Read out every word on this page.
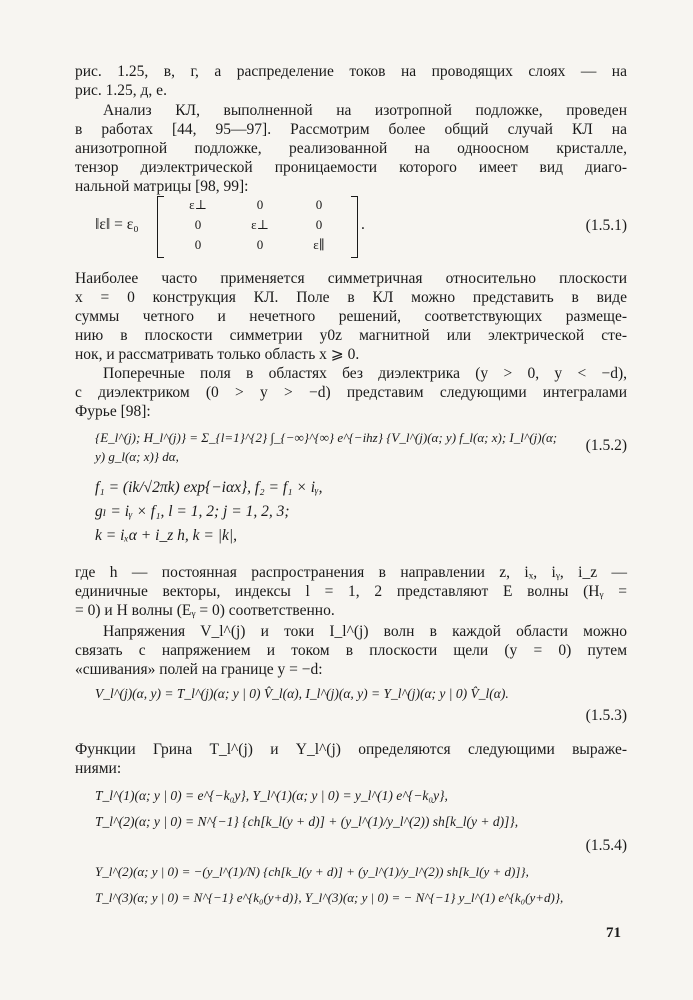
рис. 1.25, в, г, а распределение токов на проводящих слоях — на
рис. 1.25, д, е.
Анализ КЛ, выполненной на изотропной подложке, проведен
в работах [44, 95—97]. Рассмотрим более общий случай КЛ на
анизотропной подложке, реализованной на одноосном кристалле,
тензор диэлектрической проницаемости которого имеет вид диаго-
нальной матрицы [98, 99]:
‖ε‖ = ε₀
ε⊥	0	0
0	ε⊥	0
0	0	ε∥
.	(1.5.1)
Наиболее часто применяется симметричная относительно плоскости
x = 0 конструкция КЛ. Поле в КЛ можно представить в виде
суммы четного и нечетного решений, соответствующих размеще-
нию в плоскости симметрии y0z магнитной или электрической сте-
нок, и рассматривать только область x ⩾ 0.
Поперечные поля в областях без диэлектрика (y > 0, y < −d),
с диэлектриком (0 > y > −d) представим следующими интегралами
Фурье [98]:
{E_l^(j); H_l^(j)} = Σ_{l=1}^{2} ∫_{−∞}^{∞} e^{−ihz} {V_l^(j)(α; y) f_l(α; x); I_l^(j)(α; y) g_l(α; x)} dα,
(1.5.2)
f₁ = (ik/√2πk) exp{−iαx}, f₂ = f₁ × iᵧ,
gₗ = iᵧ × f₁, l = 1, 2; j = 1, 2, 3;
k = iₓα + i_z h, k = |k|,
где h — постоянная распространения в направлении z, iₓ, iᵧ, i_z —
единичные векторы, индексы l = 1, 2 представляют E волны (Hᵧ =
= 0) и H волны (Eᵧ = 0) соответственно.
Напряжения V_l^(j) и токи I_l^(j) волн в каждой области можно
связать с напряжением и током в плоскости щели (y = 0) путем
«сшивания» полей на границе y = −d:
V_l^(j)(α, y) = T_l^(j)(α; y | 0) V̂_l(α), I_l^(j)(α, y) = Y_l^(j)(α; y | 0) V̂_l(α).
(1.5.3)
Функции Грина T_l^(j) и Y_l^(j) определяются следующими выраже-
ниями:
T_l^(1)(α; y | 0) = e^{−k₀y}, Y_l^(1)(α; y | 0) = y_l^(1) e^{−k₀y},
T_l^(2)(α; y | 0) = N^{−1} {ch[k_l(y + d)] + (y_l^(1)/y_l^(2)) sh[k_l(y + d)]},
(1.5.4)
Y_l^(2)(α; y | 0) = −(y_l^(1)/N) {ch[k_l(y + d)] + (y_l^(1)/y_l^(2)) sh[k_l(y + d)]},
T_l^(3)(α; y | 0) = N^{−1} e^{k₀(y+d)}, Y_l^(3)(α; y | 0) = − N^{−1} y_l^(1) e^{k₀(y+d)},
71
